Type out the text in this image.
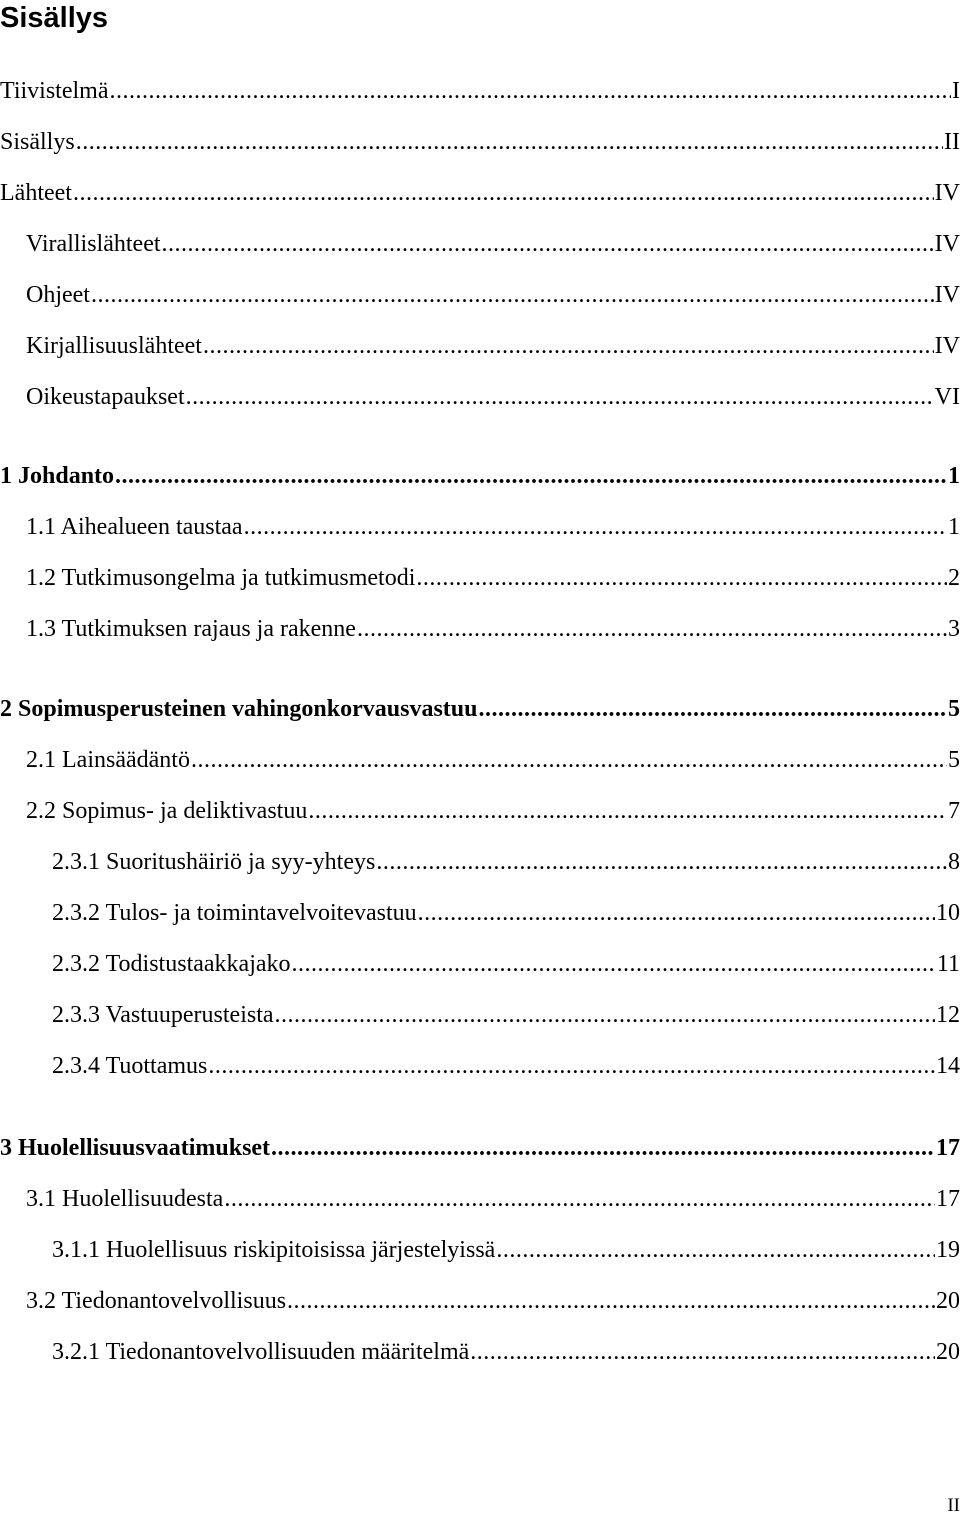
Sisällys
Tiivistelmä .....	I
Sisällys .....	II
Lähteet .....	IV
Virallislähteet .....	IV
Ohjeet .....	IV
Kirjallisuuslähteet .....	IV
Oikeustapaukset .....	VI
1 Johdanto .....	1
1.1 Aihealueen taustaa .....	1
1.2 Tutkimusongelma ja tutkimusmetodi .....	2
1.3 Tutkimuksen rajaus ja rakenne .....	3
2 Sopimusperusteinen vahingonkorvausvastuu .....	5
2.1 Lainsäädäntö .....	5
2.2 Sopimus- ja deliktivastuu .....	7
2.3.1 Suoritushäiriö ja syy-yhteys .....	8
2.3.2 Tulos- ja toimintavelvoitevastuu .....	10
2.3.2 Todistustaakkajako .....	11
2.3.3 Vastuuperusteista .....	12
2.3.4 Tuottamus .....	14
3 Huolellisuusvaatimukset .....	17
3.1 Huolellisuudesta .....	17
3.1.1 Huolellisuus riskipitoisissa järjestelyissä .....	19
3.2 Tiedonantovelvollisuus .....	20
3.2.1 Tiedonantovelvollisuuden määritelmä .....	20
II
